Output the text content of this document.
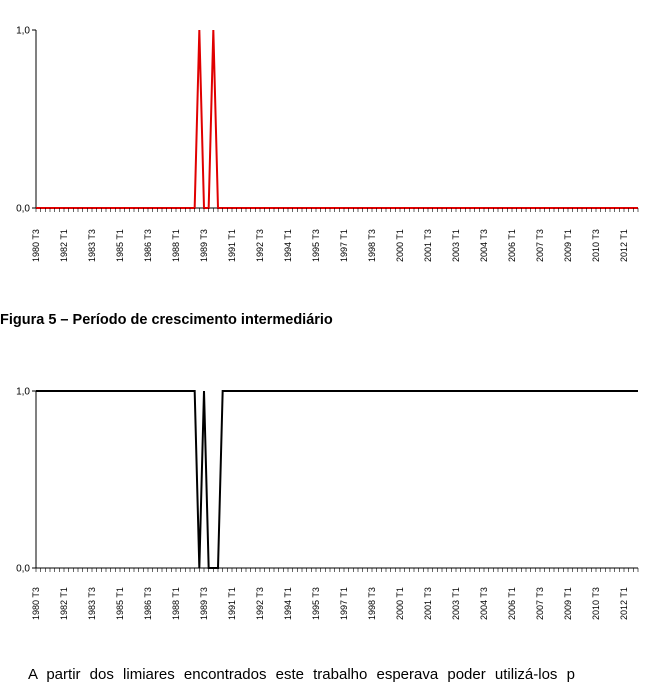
1980 T3 1982 T1 1983 T3 1985 T1 1986 T3 1988 T1 1989 T3 1991 T1 1992 T3 1994 T1 1995 T3 1997 T1 1998 T3 2000 T1 2001 T3 2003 T1 2004 T3 2006 T1 2007 T3 2009 T1 2010 T3 2012 T1
0,0
1,0

Figura 5 – Período de crescimento intermediário

1980 T3 1982 T1 1983 T3 1985 T1 1986 T3 1988 T1 1989 T3 1991 T1 1992 T3 1994 T1 1995 T3 1997 T1 1998 T3 2000 T1 2001 T3 2003 T1 2004 T3 2006 T1 2007 T3 2009 T1 2010 T3 2012 T1
0,0
1,0

A partir dos limiares encontrados este trabalho esperava poder utilizá-los p
